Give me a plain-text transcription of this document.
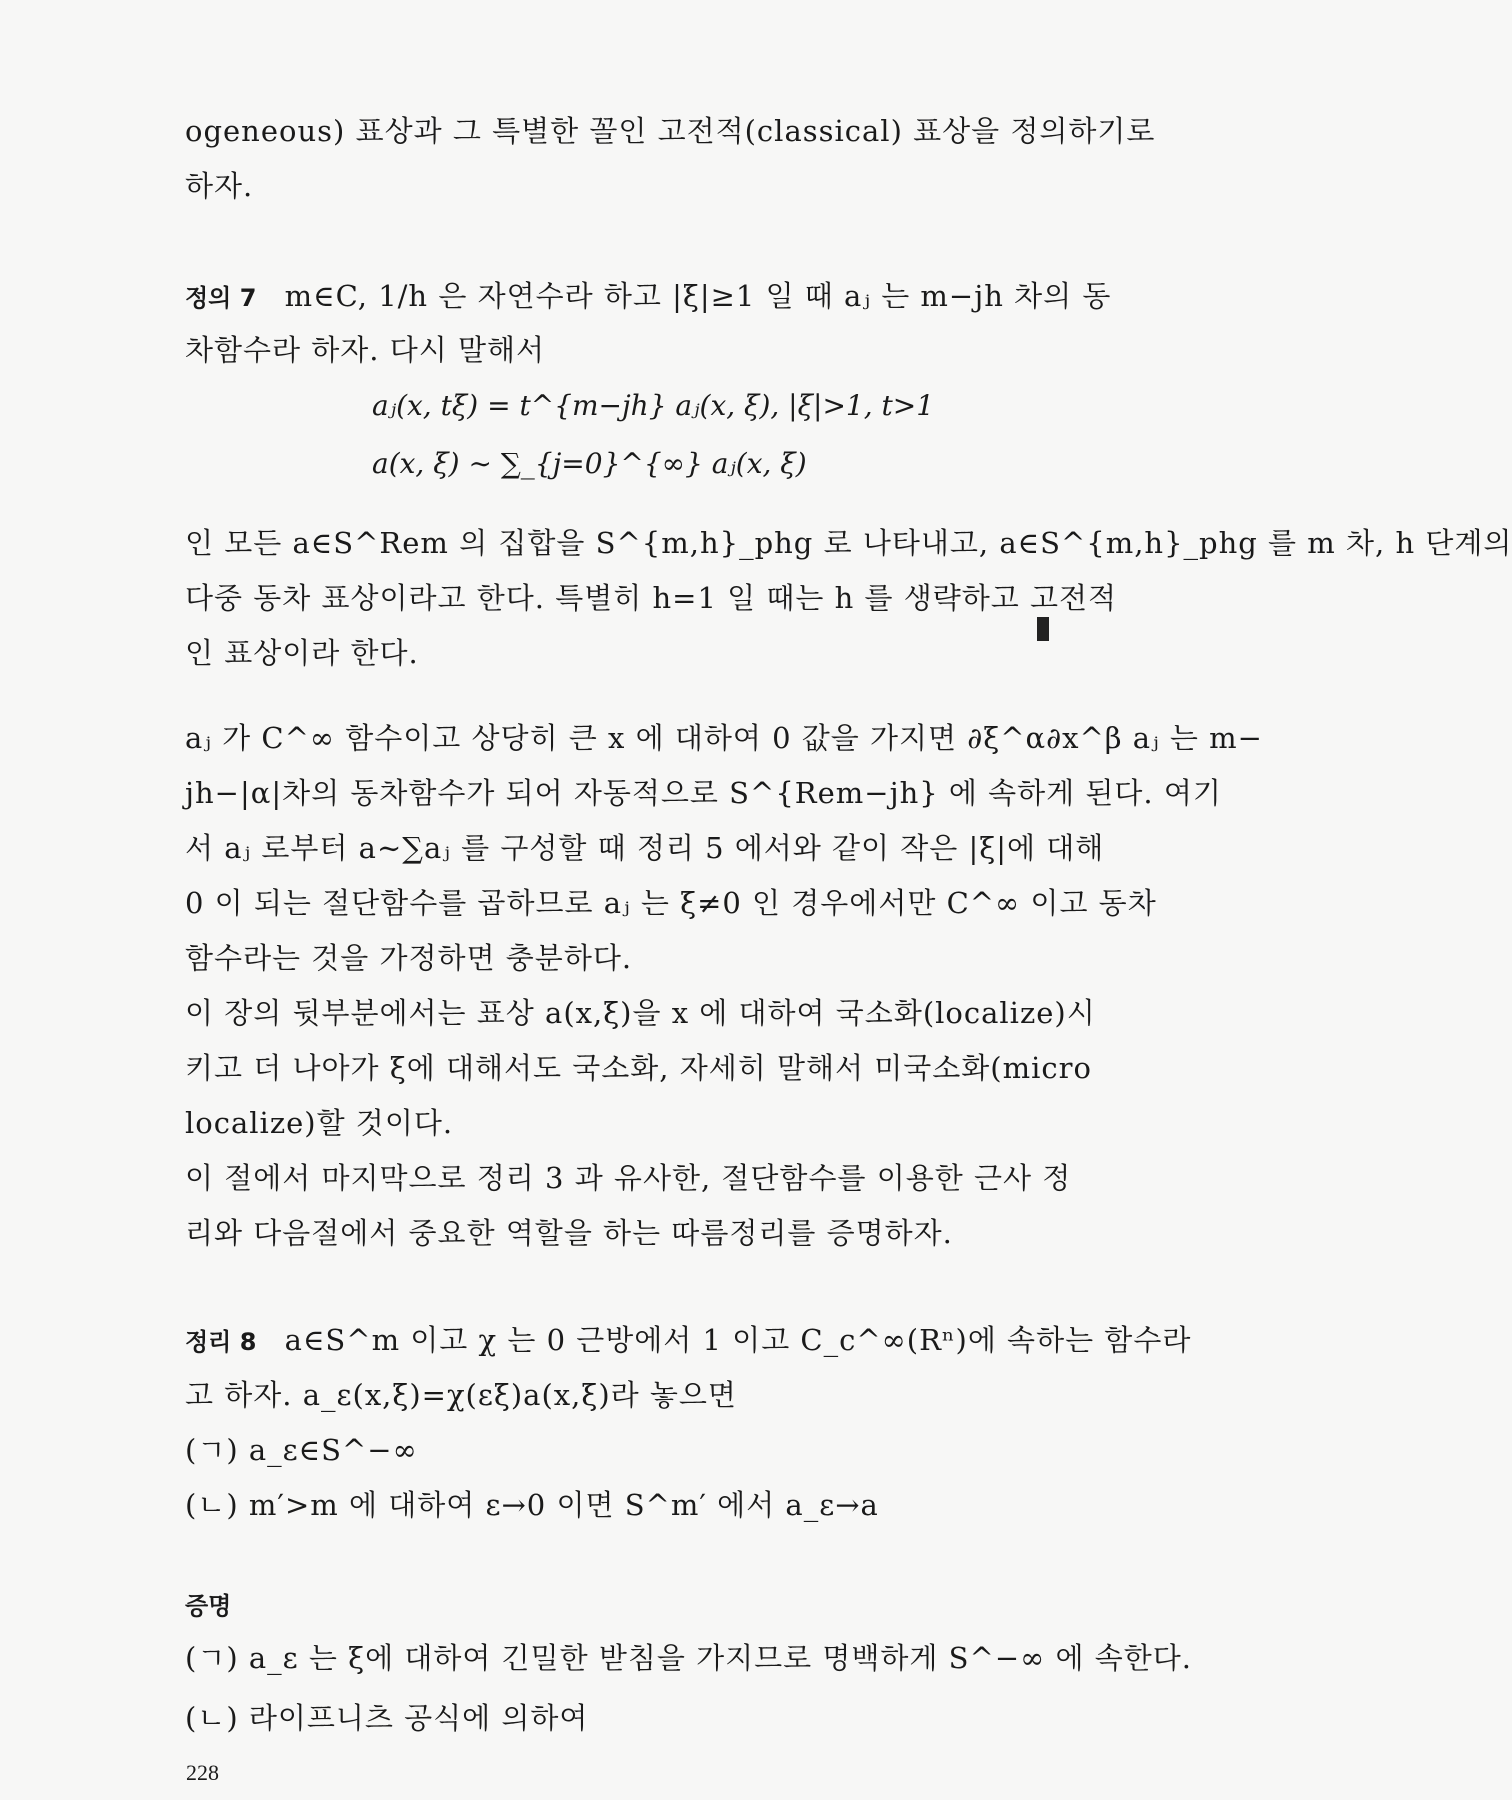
ogeneous) 표상과 그 특별한 꼴인 고전적(classical) 표상을 정의하기로
하자.
정의 7 m∈C, 1/h 은 자연수라 하고 |ξ|≥1 일 때 aⱼ 는 m−jh 차의 동
차함수라 하자. 다시 말해서
aⱼ(x, tξ) = t^{m−jh} aⱼ(x, ξ), |ξ|>1, t>1
a(x, ξ) ∼ ∑_{j=0}^{∞} aⱼ(x, ξ)
인 모든 a∈S^Rem 의 집합을 S^{m,h}_phg 로 나타내고, a∈S^{m,h}_phg 를 m 차, h 단계의
다중 동차 표상이라고 한다. 특별히 h=1 일 때는 h 를 생략하고 고전적
인 표상이라 한다.
aⱼ 가 C^∞ 함수이고 상당히 큰 x 에 대하여 0 값을 가지면 ∂ξ^α∂x^β aⱼ 는 m−
jh−|α|차의 동차함수가 되어 자동적으로 S^{Rem−jh} 에 속하게 된다. 여기
서 aⱼ 로부터 a∼∑aⱼ 를 구성할 때 정리 5 에서와 같이 작은 |ξ|에 대해
0 이 되는 절단함수를 곱하므로 aⱼ 는 ξ≠0 인 경우에서만 C^∞ 이고 동차
함수라는 것을 가정하면 충분하다.
이 장의 뒷부분에서는 표상 a(x,ξ)을 x 에 대하여 국소화(localize)시
키고 더 나아가 ξ에 대해서도 국소화, 자세히 말해서 미국소화(micro
localize)할 것이다.
이 절에서 마지막으로 정리 3 과 유사한, 절단함수를 이용한 근사 정
리와 다음절에서 중요한 역할을 하는 따름정리를 증명하자.
정리 8 a∈S^m 이고 χ 는 0 근방에서 1 이고 C_c^∞(Rⁿ)에 속하는 함수라
고 하자. a_ε(x,ξ)=χ(εξ)a(x,ξ)라 놓으면
(ㄱ) a_ε∈S^−∞
(ㄴ) m′>m 에 대하여 ε→0 이면 S^m′ 에서 a_ε→a
증명
(ㄱ) a_ε 는 ξ에 대하여 긴밀한 받침을 가지므로 명백하게 S^−∞ 에 속한다.
(ㄴ) 라이프니츠 공식에 의하여
228
